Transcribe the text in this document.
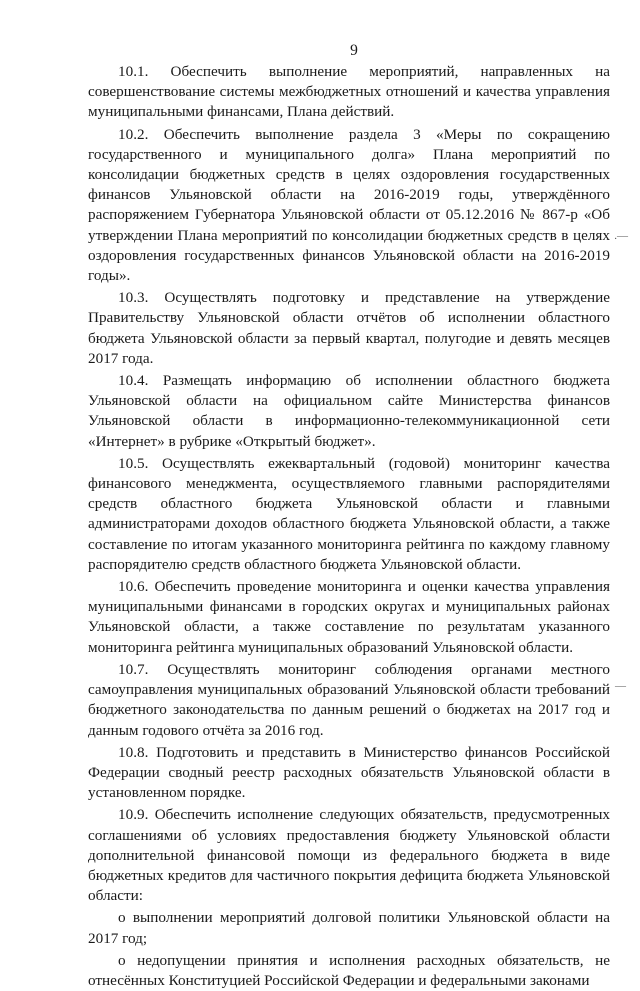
9

10.1. Обеспечить выполнение мероприятий, направленных на совершенствование системы межбюджетных отношений и качества управления муниципальными финансами, Плана действий.

10.2. Обеспечить выполнение раздела 3 «Меры по сокращению государственного и муниципального долга» Плана мероприятий по консолидации бюджетных средств в целях оздоровления государственных финансов Ульяновской области на 2016-2019 годы, утверждённого распоряжением Губернатора Ульяновской области от 05.12.2016 № 867-р «Об утверждении Плана мероприятий по консолидации бюджетных средств в целях оздоровления государственных финансов Ульяновской области на 2016-2019 годы».

10.3. Осуществлять подготовку и представление на утверждение Правительству Ульяновской области отчётов об исполнении областного бюджета Ульяновской области за первый квартал, полугодие и девять месяцев 2017 года.

10.4. Размещать информацию об исполнении областного бюджета Ульяновской области на официальном сайте Министерства финансов Ульяновской области в информационно-телекоммуникационной сети «Интернет» в рубрике «Открытый бюджет».

10.5. Осуществлять ежеквартальный (годовой) мониторинг качества финансового менеджмента, осуществляемого главными распорядителями средств областного бюджета Ульяновской области и главными администраторами доходов областного бюджета Ульяновской области, а также составление по итогам указанного мониторинга рейтинга по каждому главному распорядителю средств областного бюджета Ульяновской области.

10.6. Обеспечить проведение мониторинга и оценки качества управления муниципальными финансами в городских округах и муниципальных районах Ульяновской области, а также составление по результатам указанного мониторинга рейтинга муниципальных образований Ульяновской области.

10.7. Осуществлять мониторинг соблюдения органами местного самоуправления муниципальных образований Ульяновской области требований бюджетного законодательства по данным решений о бюджетах на 2017 год и данным годового отчёта за 2016 год.

10.8. Подготовить и представить в Министерство финансов Российской Федерации сводный реестр расходных обязательств Ульяновской области в установленном порядке.

10.9. Обеспечить исполнение следующих обязательств, предусмотренных соглашениями об условиях предоставления бюджету Ульяновской области дополнительной финансовой помощи из федерального бюджета в виде бюджетных кредитов для частичного покрытия дефицита бюджета Ульяновской области:

о выполнении мероприятий долговой политики Ульяновской области на 2017 год;

о недопущении принятия и исполнения расходных обязательств, не отнесённых Конституцией Российской Федерации и федеральными законами

.—
—
